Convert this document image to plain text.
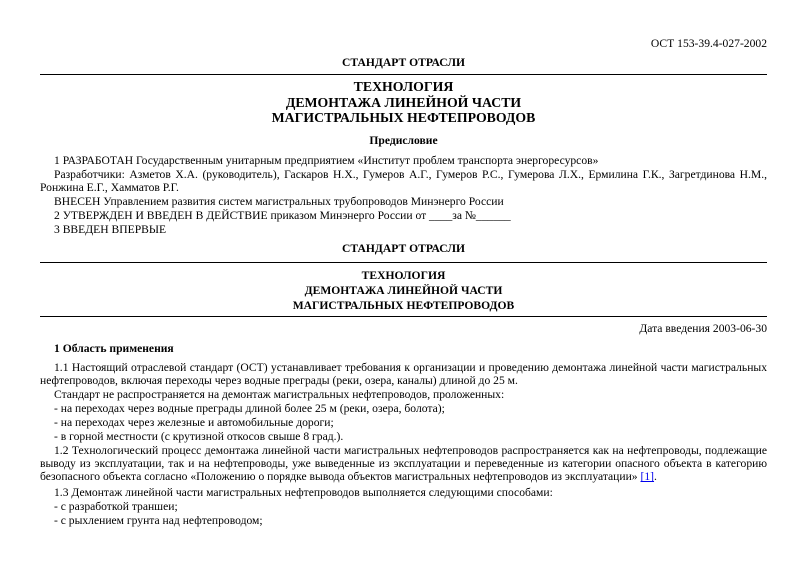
ОСТ 153-39.4-027-2002
СТАНДАРТ ОТРАСЛИ
ТЕХНОЛОГИЯ
ДЕМОНТАЖА ЛИНЕЙНОЙ ЧАСТИ
МАГИСТРАЛЬНЫХ НЕФТЕПРОВОДОВ
Предисловие
1 РАЗРАБОТАН Государственным унитарным предприятием «Институт проблем транспорта энергоресурсов»
Разработчики: Азметов Х.А. (руководитель), Гаскаров Н.Х., Гумеров А.Г., Гумеров Р.С., Гумерова Л.Х., Ермилина Г.К., Загретдинова Н.М., Ронжина Е.Г., Хамматов Р.Г.
ВНЕСЕН Управлением развития систем магистральных трубопроводов Минэнерго России
2 УТВЕРЖДЕН И ВВЕДЕН В ДЕЙСТВИЕ приказом Минэнерго России от ____за №______
3 ВВЕДЕН ВПЕРВЫЕ
СТАНДАРТ ОТРАСЛИ
ТЕХНОЛОГИЯ
ДЕМОНТАЖА ЛИНЕЙНОЙ ЧАСТИ
МАГИСТРАЛЬНЫХ НЕФТЕПРОВОДОВ
Дата введения 2003-06-30
1 Область применения
1.1 Настоящий отраслевой стандарт (ОСТ) устанавливает требования к организации и проведению демонтажа линейной части магистральных нефтепроводов, включая переходы через водные преграды (реки, озера, каналы) длиной до 25 м.
Стандарт не распространяется на демонтаж магистральных нефтепроводов, проложенных:
- на переходах через водные преграды длиной более 25 м (реки, озера, болота);
- на переходах через железные и автомобильные дороги;
- в горной местности (с крутизной откосов свыше 8 град.).
1.2 Технологический процесс демонтажа линейной части магистральных нефтепроводов распространяется как на нефтепроводы, подлежащие выводу из эксплуатации, так и на нефтепроводы, уже выведенные из эксплуатации и переведенные из категории опасного объекта в категорию безопасного объекта согласно «Положению о порядке вывода объектов магистральных нефтепроводов из эксплуатации» [1].
1.3 Демонтаж линейной части магистральных нефтепроводов выполняется следующими способами:
- с разработкой траншеи;
- с рыхлением грунта над нефтепроводом;
